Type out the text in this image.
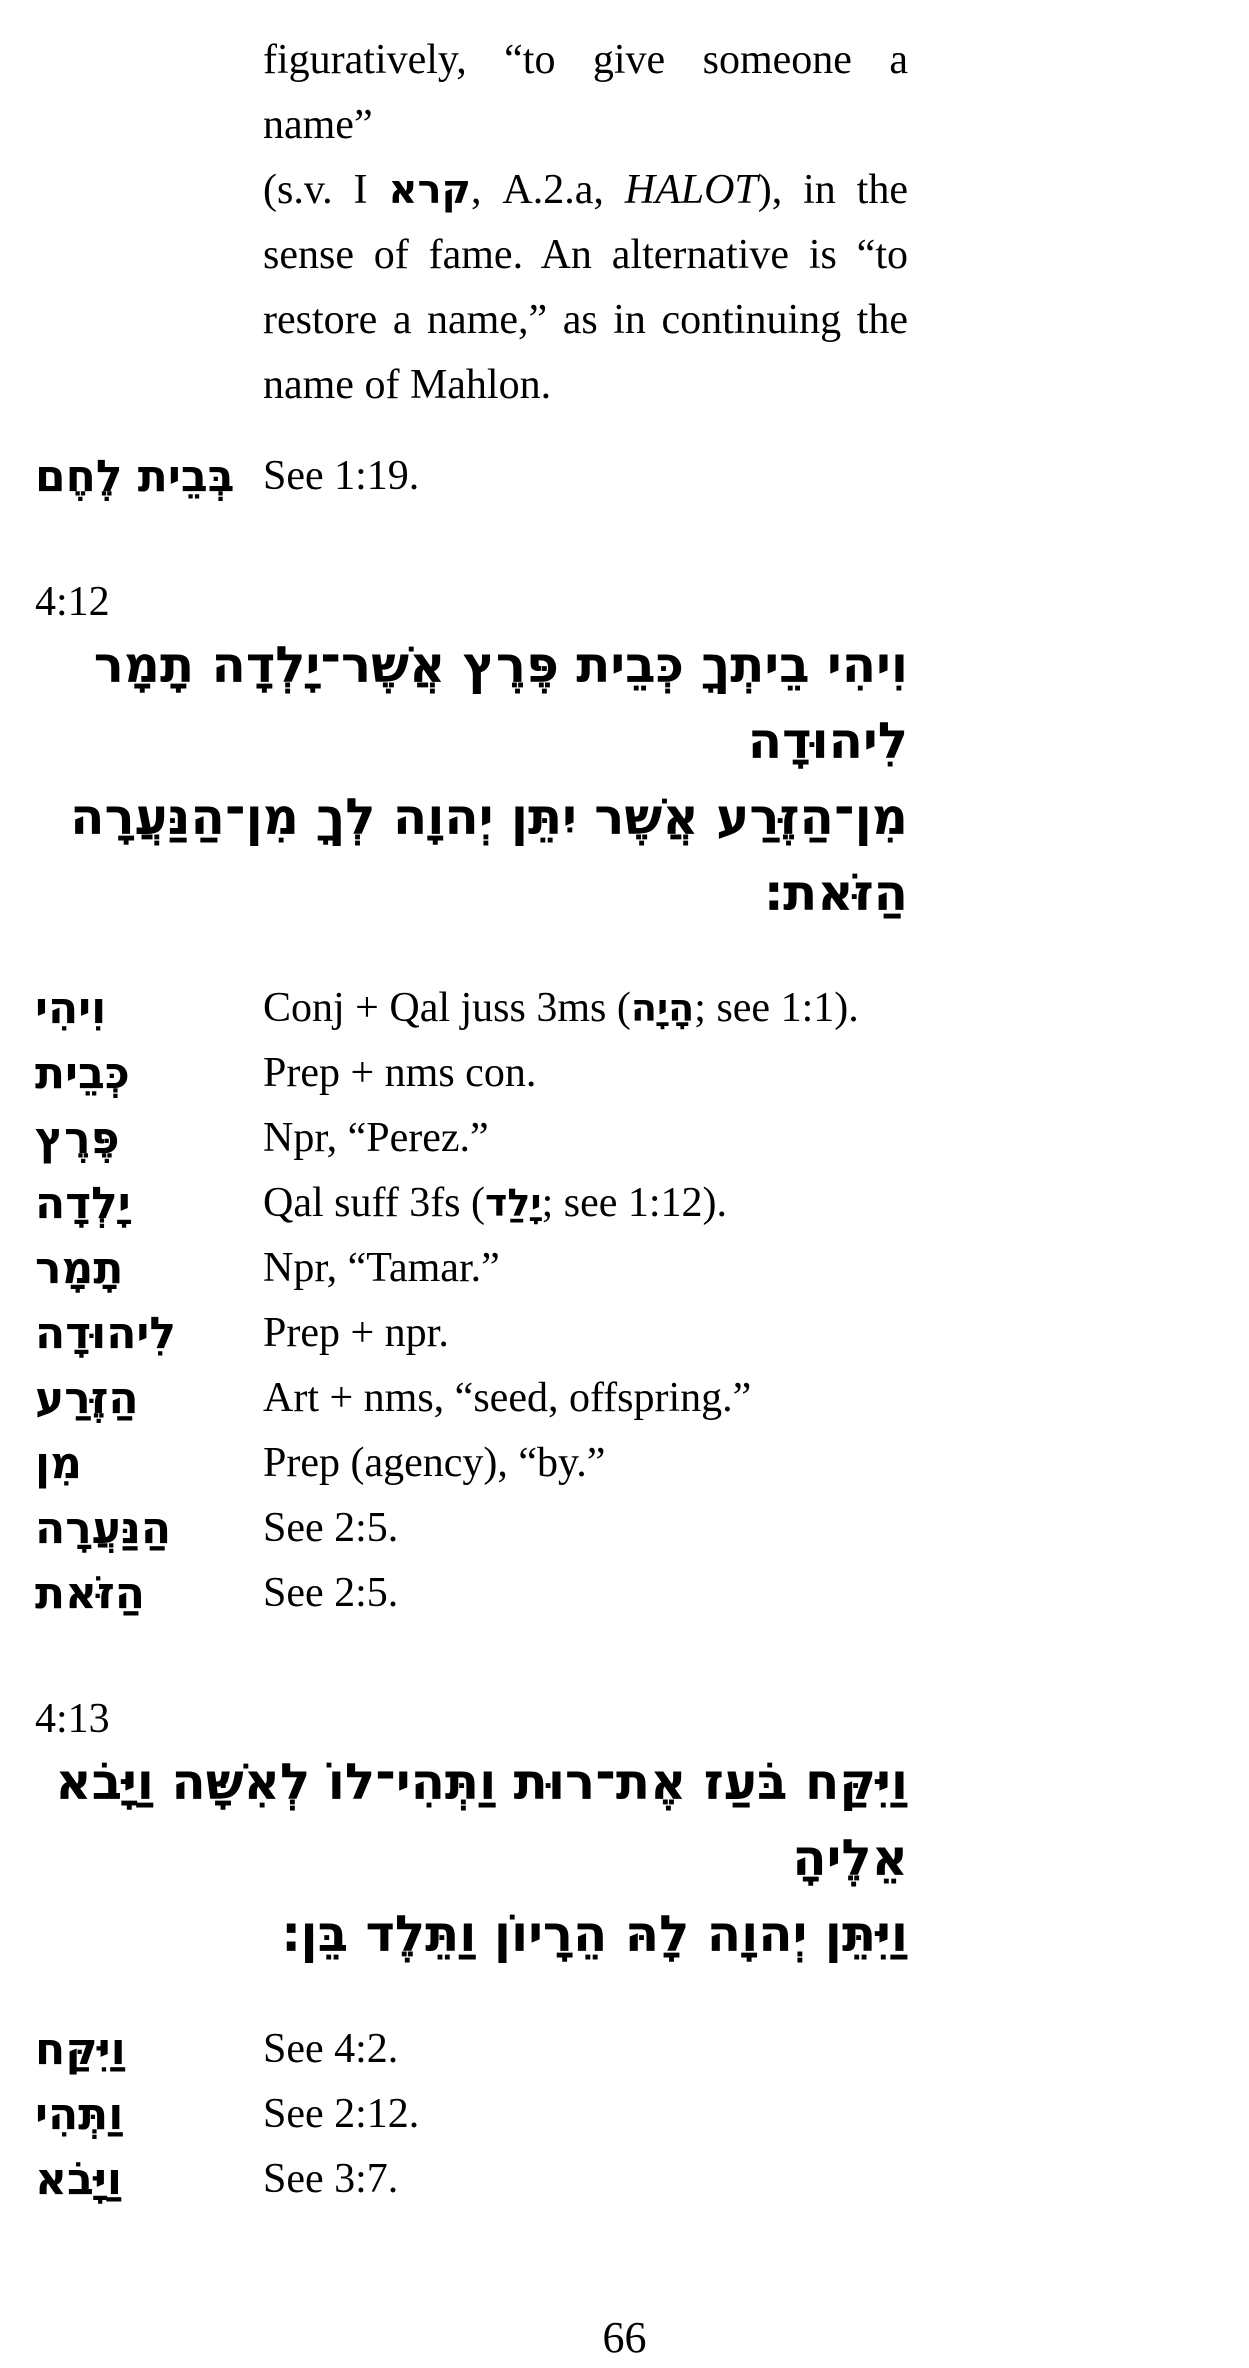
figuratively, “to give someone a name”
(s.v. I קרא, A.2.a, HALOT), in the
sense of fame. An alternative is “to
restore a name,” as in continuing the
name of Mahlon.
בְּבֵית לֶחֶם See 1:19.
4:12
וִיהִי בֵיתְךָ כְּבֵית פֶּרֶץ אֲשֶׁר־יָלְדָה תָמָר לִיהוּדָה
מִן־הַזֶּרַע אֲשֶׁר יִתֵּן יְהוָה לְךָ מִן־הַנַּעֲרָה הַזֹּאת׃
וִיהִי	Conj + Qal juss 3ms (הָיָה; see 1:1).
כְּבֵית	Prep + nms con.
פֶּרֶץ	Npr, “Perez.”
יָלְדָה	Qal suff 3fs (יָלַד; see 1:12).
תָמָר	Npr, “Tamar.”
לִיהוּדָה	Prep + npr.
הַזֶּרַע	Art + nms, “seed, offspring.”
מִן	Prep (agency), “by.”
הַנַּעֲרָה	See 2:5.
הַזֹּאת	See 2:5.
4:13
וַיִּקַּח בֹּעַז אֶת־רוּת וַתְּהִי־לוֹ לְאִשָּׁה וַיָּבֹא אֵלֶיהָ
וַיִּתֵּן יְהוָה לָהּ הֵרָיוֹן וַתֵּלֶד בֵּן׃
וַיִּקַּח	See 4:2.
וַתְּהִי	See 2:12.
וַיָּבֹא	See 3:7.
66
